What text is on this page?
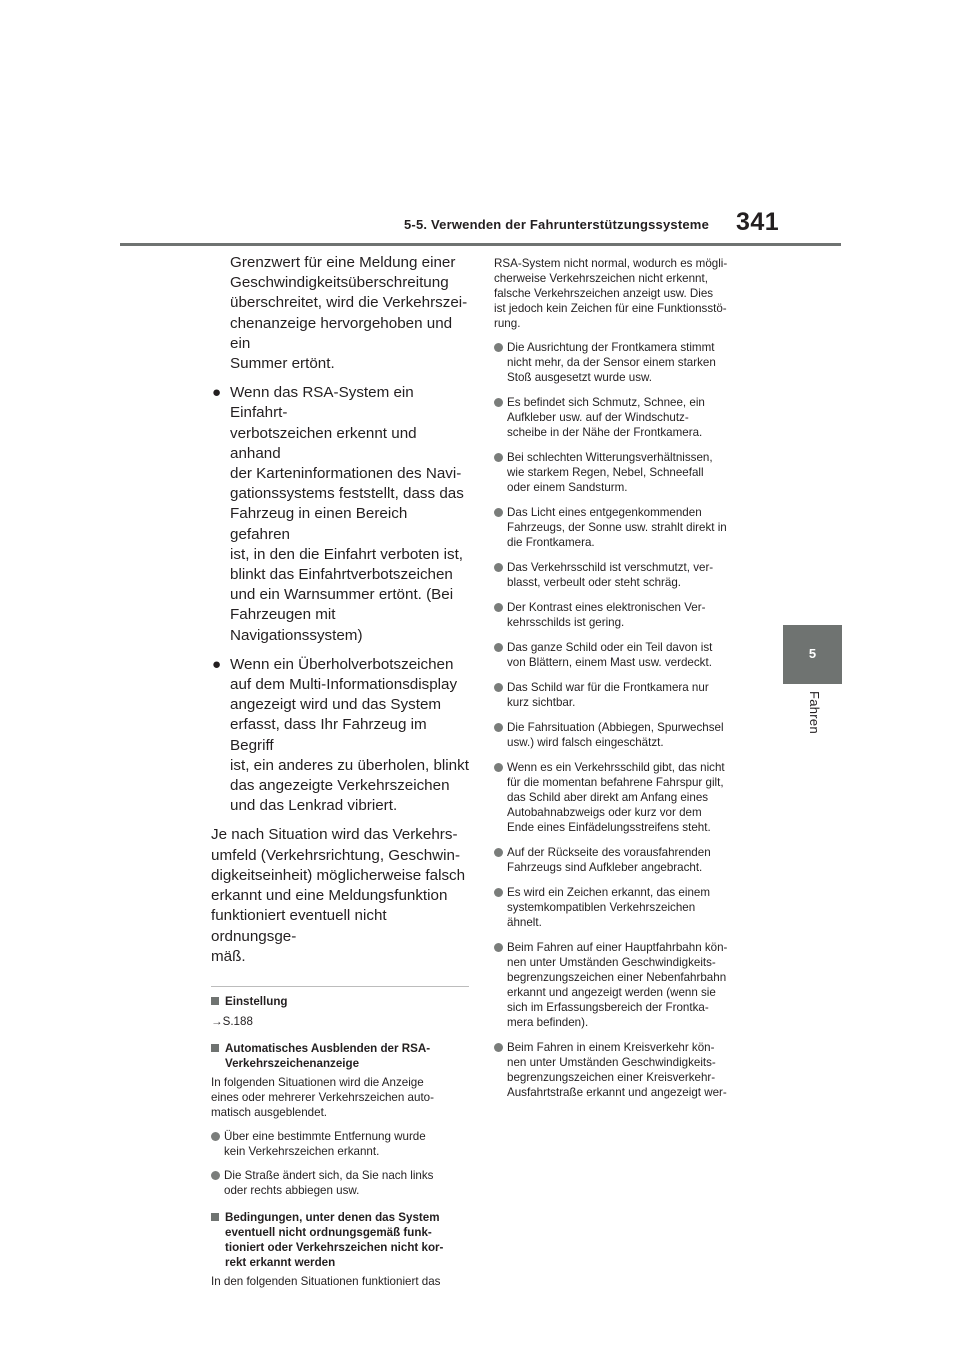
5-5. Verwenden der Fahrunterstützungssysteme 341
5
Fahren
Grenzwert für eine Meldung einer
Geschwindigkeitsüberschreitung
überschreitet, wird die Verkehrszei-
chenanzeige hervorgehoben und ein
Summer ertönt.
● Wenn das RSA-System ein Einfahrt-
verbotszeichen erkennt und anhand
der Karteninformationen des Navi-
gationssystems feststellt, dass das
Fahrzeug in einen Bereich gefahren
ist, in den die Einfahrt verboten ist,
blinkt das Einfahrtverbotszeichen
und ein Warnsummer ertönt. (Bei
Fahrzeugen mit Navigationssystem)
● Wenn ein Überholverbotszeichen
auf dem Multi-Informationsdisplay
angezeigt wird und das System
erfasst, dass Ihr Fahrzeug im Begriff
ist, ein anderes zu überholen, blinkt
das angezeigte Verkehrszeichen
und das Lenkrad vibriert.
Je nach Situation wird das Verkehrs-
umfeld (Verkehrsrichtung, Geschwin-
digkeitseinheit) möglicherweise falsch
erkannt und eine Meldungsfunktion
funktioniert eventuell nicht ordnungsge-
mäß.
Einstellung
→S.188
Automatisches Ausblenden der RSA-
Verkehrszeichenanzeige
In folgenden Situationen wird die Anzeige
eines oder mehrerer Verkehrszeichen auto-
matisch ausgeblendet.
Über eine bestimmte Entfernung wurde
kein Verkehrszeichen erkannt.
Die Straße ändert sich, da Sie nach links
oder rechts abbiegen usw.
Bedingungen, unter denen das System
eventuell nicht ordnungsgemäß funk-
tioniert oder Verkehrszeichen nicht kor-
rekt erkannt werden
In den folgenden Situationen funktioniert das
RSA-System nicht normal, wodurch es mögli-
cherweise Verkehrszeichen nicht erkennt,
falsche Verkehrszeichen anzeigt usw. Dies
ist jedoch kein Zeichen für eine Funktionsstö-
rung.
Die Ausrichtung der Frontkamera stimmt
nicht mehr, da der Sensor einem starken
Stoß ausgesetzt wurde usw.
Es befindet sich Schmutz, Schnee, ein
Aufkleber usw. auf der Windschutz-
scheibe in der Nähe der Frontkamera.
Bei schlechten Witterungsverhältnissen,
wie starkem Regen, Nebel, Schneefall
oder einem Sandsturm.
Das Licht eines entgegenkommenden
Fahrzeugs, der Sonne usw. strahlt direkt in
die Frontkamera.
Das Verkehrsschild ist verschmutzt, ver-
blasst, verbeult oder steht schräg.
Der Kontrast eines elektronischen Ver-
kehrsschilds ist gering.
Das ganze Schild oder ein Teil davon ist
von Blättern, einem Mast usw. verdeckt.
Das Schild war für die Frontkamera nur
kurz sichtbar.
Die Fahrsituation (Abbiegen, Spurwechsel
usw.) wird falsch eingeschätzt.
Wenn es ein Verkehrsschild gibt, das nicht
für die momentan befahrene Fahrspur gilt,
das Schild aber direkt am Anfang eines
Autobahnabzweigs oder kurz vor dem
Ende eines Einfädelungsstreifens steht.
Auf der Rückseite des vorausfahrenden
Fahrzeugs sind Aufkleber angebracht.
Es wird ein Zeichen erkannt, das einem
systemkompatiblen Verkehrszeichen
ähnelt.
Beim Fahren auf einer Hauptfahrbahn kön-
nen unter Umständen Geschwindigkeits-
begrenzungszeichen einer Nebenfahrbahn
erkannt und angezeigt werden (wenn sie
sich im Erfassungsbereich der Frontka-
mera befinden).
Beim Fahren in einem Kreisverkehr kön-
nen unter Umständen Geschwindigkeits-
begrenzungszeichen einer Kreisverkehr-
Ausfahrtstraße erkannt und angezeigt wer-
